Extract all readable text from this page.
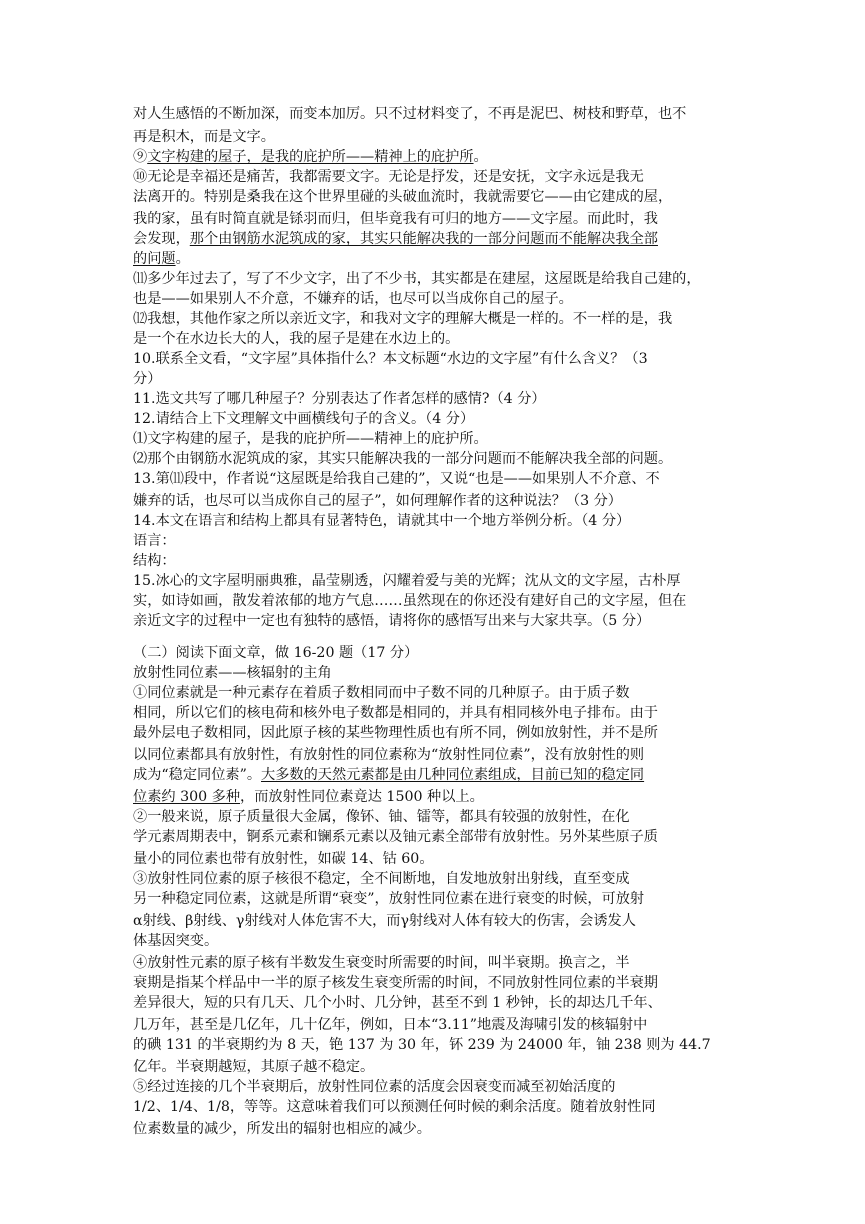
对人生感悟的不断加深，而变本加厉。只不过材料变了，不再是泥巴、树枝和野草，也不
再是积木，而是文字。
⑨文字构建的屋子，是我的庇护所——精神上的庇护所。
⑩无论是幸福还是痛苦，我都需要文字。无论是抒发，还是安抚，文字永远是我无
法离开的。特别是桑我在这个世界里碰的头破血流时，我就需要它——由它建成的屋，
我的家，虽有时简直就是铩羽而归，但毕竟我有可归的地方——文字屋。而此时，我
会发现，那个由钢筋水泥筑成的家，其实只能解决我的一部分问题而不能解决我全部
的问题。
⑾多少年过去了，写了不少文字，出了不少书，其实都是在建屋，这屋既是给我自己建的，
也是——如果别人不介意，不嫌弃的话，也尽可以当成你自己的屋子。
⑿我想，其他作家之所以亲近文字，和我对文字的理解大概是一样的。不一样的是，我
是一个在水边长大的人，我的屋子是建在水边上的。
10.联系全文看，“文字屋”具体指什么？本文标题“水边的文字屋”有什么含义？（3
分）
11.选文共写了哪几种屋子？分别表达了作者怎样的感情?（4 分）
12.请结合上下文理解文中画横线句子的含义。（4 分）
⑴文字构建的屋子，是我的庇护所——精神上的庇护所。
⑵那个由钢筋水泥筑成的家，其实只能解决我的一部分问题而不能解决我全部的问题。
13.第⑾段中，作者说“这屋既是给我自己建的”，又说“也是——如果别人不介意、不
嫌弃的话，也尽可以当成你自己的屋子”，如何理解作者的这种说法？（3 分）
14.本文在语言和结构上都具有显著特色，请就其中一个地方举例分析。（4 分）
语言：
结构：
15.冰心的文字屋明丽典雅，晶莹剔透，闪耀着爱与美的光辉；沈从文的文字屋，古朴厚
实，如诗如画，散发着浓郁的地方气息……虽然现在的你还没有建好自己的文字屋，但在
亲近文字的过程中一定也有独特的感悟，请将你的感悟写出来与大家共享。（5 分）
（二）阅读下面文章，做 16-20 题（17 分）
放射性同位素——核辐射的主角
①同位素就是一种元素存在着质子数相同而中子数不同的几种原子。由于质子数
相同，所以它们的核电荷和核外电子数都是相同的，并具有相同核外电子排布。由于
最外层电子数相同，因此原子核的某些物理性质也有所不同，例如放射性，并不是所
以同位素都具有放射性，有放射性的同位素称为“放射性同位素”，没有放射性的则
成为“稳定同位素”。大多数的天然元素都是由几种同位素组成，目前已知的稳定同
位素约 300 多种，而放射性同位素竟达 1500 种以上。
②一般来说，原子质量很大金属，像钚、铀、镭等，都具有较强的放射性，在化
学元素周期表中，锕系元素和镧系元素以及铀元素全部带有放射性。另外某些原子质
量小的同位素也带有放射性，如碳 14、钴 60。
③放射性同位素的原子核很不稳定，全不间断地，自发地放射出射线，直至变成
另一种稳定同位素，这就是所谓“衰变”，放射性同位素在进行衰变的时候，可放射
α射线、β射线、γ射线对人体危害不大，而γ射线对人体有较大的伤害，会诱发人
体基因突变。
④放射性元素的原子核有半数发生衰变时所需要的时间，叫半衰期。换言之，半
衰期是指某个样品中一半的原子核发生衰变所需的时间，不同放射性同位素的半衰期
差异很大，短的只有几天、几个小时、几分钟，甚至不到 1 秒钟，长的却达几千年、
几万年，甚至是几亿年，几十亿年，例如，日本“3.11”地震及海啸引发的核辐射中
的碘 131 的半衰期约为 8 天，铯 137 为 30 年，钚 239 为 24000 年，铀 238 则为 44.7
亿年。半衰期越短，其原子越不稳定。
⑤经过连接的几个半衰期后，放射性同位素的活度会因衰变而减至初始活度的
1/2、1/4、1/8，等等。这意味着我们可以预测任何时候的剩余活度。随着放射性同
位素数量的减少，所发出的辐射也相应的减少。
